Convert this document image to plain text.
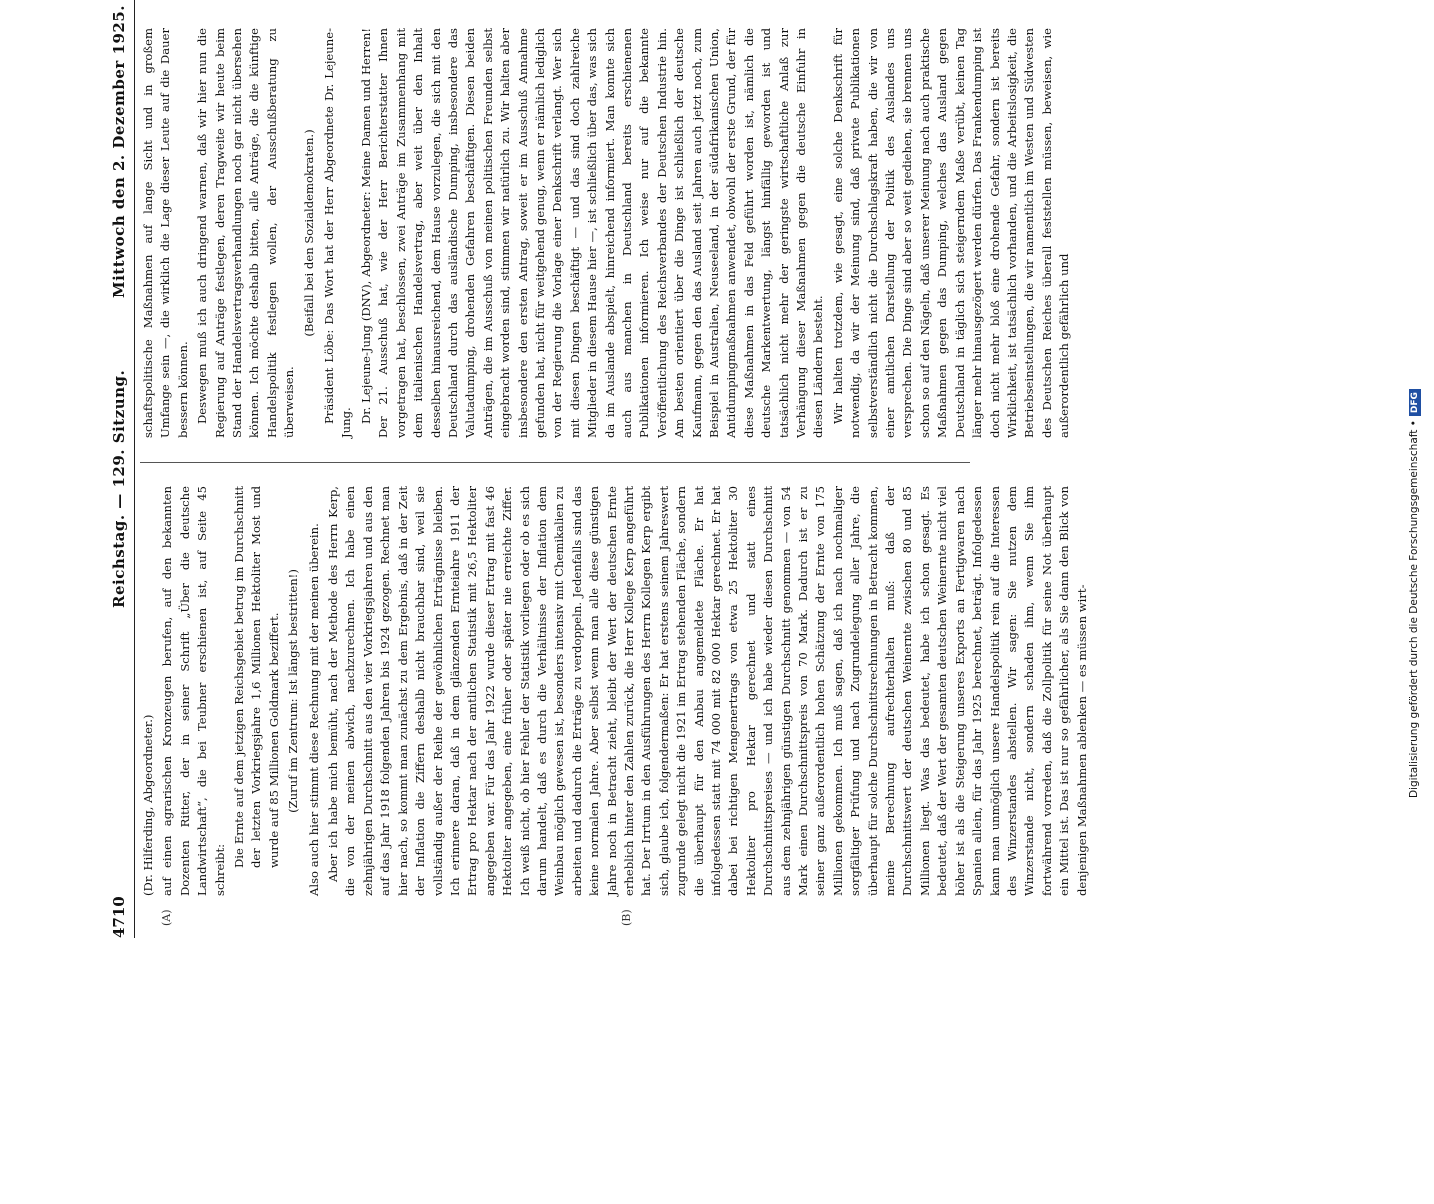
4710
Reichstag. — 129. Sitzung.
Mittwoch den 2. Dezember 1925.
(A)	(B)

(Dr. Hilferding, Abgeordneter.) auf einen agrarischen Kronzeugen berufen, auf den bekannten Dozenten Ritter, der in seiner Schrift „Über die deutsche Landwirtschaft“, die bei Teubner erschienen ist, auf Seite 45 schreibt:

Die Ernte auf dem jetzigen Reichsgebiet betrug im Durchschnitt der letzten Vorkriegsjahre 1,6 Millionen Hektoliter Most und wurde auf 85 Millionen Goldmark beziffert. (Zuruf im Zentrum: Ist längst bestritten!) Also auch hier stimmt diese Rechnung mit der meinen überein. Aber ich habe mich bemüht, nach der Methode des Herrn Kerp, die von der meinen abwich, nachzurechnen. Ich habe einen zehnjährigen Durchschnitt aus den vier Vorkriegsjahren und aus den auf das Jahr 1918 folgenden Jahren bis 1924 gezogen. Rechnet man hier nach, so kommt man zunächst zu dem Ergebnis, daß in der Zeit der Inflation die Ziffern deshalb nicht brauchbar sind, weil sie vollständig außer der Reihe der gewöhnlichen Erträgnisse bleiben. Ich erinnere daran, daß in dem glänzenden Ernteiahre 1911 der Ertrag pro Hektar nach der amtlichen Statistik mit 26,5 Hektoliter angegeben war. Für das Jahr 1922 wurde dieser Ertrag mit fast 46 Hektoliter angegeben, eine früher oder später nie erreichte Ziffer. Ich weiß nicht, ob hier Fehler der Statistik vorliegen oder ob es sich darum handelt, daß es durch die Verhältnisse der Inflation dem Weinbau möglich gewesen ist, besonders intensiv mit Chemikalien zu arbeiten und dadurch die Erträge zu verdoppeln. Jedenfalls sind das keine normalen Jahre. Aber selbst wenn man alle diese günstigen Jahre noch in Betracht zieht, bleibt der Wert der deutschen Ernte erheblich hinter den Zahlen zurück, die Herr Kollege Kerp angeführt hat. Der Irrtum in den Ausführungen des Herrn Kollegen Kerp ergibt sich, glaube ich, folgendermaßen: Er hat erstens seinem Jahreswert zugrunde gelegt nicht die 1921 im Ertrag stehenden Fläche, sondern die überhaupt für den Anbau angemeldete Fläche. Er hat infolgedessen statt mit 74 000 mit 82 000 Hektar gerechnet. Er hat dabei bei richtigen Mengenertrags von etwa 25 Hektoliter 30 Hektoliter pro Hektar gerechnet und statt eines Durchschnittspreises — und ich habe wieder diesen Durchschnitt aus dem zehnjährigen günstigen Durchschnitt genommen — von 54 Mark einen Durchschnittspreis von 70 Mark. Dadurch ist er zu seiner ganz außerordentlich hohen Schätzung der Ernte von 175 Millionen gekommen. Ich muß sagen, daß ich nach nochmaliger sorgfältiger Prüfung und nach Zugrundelegung aller Jahre, die überhaupt für solche Durchschnittsrechnungen in Betracht kommen, meine Berechnung aufrechterhalten muß: daß der Durchschnittswert der deutschen Weinernte zwischen 80 und 85 Millionen liegt. Was das bedeutet, habe ich schon gesagt. Es bedeutet, daß der Wert der gesamten deutschen Weinernte nicht viel höher ist als die Steigerung unseres Exports an Fertigwaren nach Spanien allein, für das Jahr 1925 berechnet, beträgt. Infolgedessen kann man unmöglich unsere Handelspolitik rein auf die Interessen des Winzerstandes abstellen. Wir sagen: Sie nutzen dem Winzerstande nicht, sondern schaden ihm, wenn Sie ihm fortwährend vorreden, daß die Zollpolitik für seine Not überhaupt ein Mittel ist. Das ist nur so gefährlicher, als Sie dann den Blick von denjenigen Maßnahmen ablenken — es müssen wirt-

schaftspolitische Maßnahmen auf lange Sicht und in großem Umfange sein —, die wirklich die Lage dieser Leute auf die Dauer bessern können. Deswegen muß ich auch dringend warnen, daß wir hier nun die Regierung auf Anträge festlegen, deren Tragweite wir heute beim Stand der Handelsvertragsverhandlungen noch gar nicht übersehen können. Ich möchte deshalb bitten, alle Anträge, die die künftige Handelspolitik festlegen wollen, der Ausschußberatung zu überweisen.

(Beifall bei den Sozialdemokraten.) Präsident Löbe: Das Wort hat der Herr Abgeordnete Dr. Lejeune-Jung. Dr. Lejeune-Jung (DNV), Abgeordneter: Meine Damen und Herren! Der 21. Ausschuß hat, wie der Herr Berichterstatter Ihnen vorgetragen hat, beschlossen, zwei Anträge im Zusammenhang mit dem italienischen Handelsvertrag, aber weit über den Inhalt desselben hinausreichend, dem Hause vorzulegen, die sich mit den Deutschland durch das ausländische Dumping, insbesondere das Valutadumping, drohenden Gefahren beschäftigen. Diesen beiden Anträgen, die im Ausschuß von meinen politischen Freunden selbst eingebracht worden sind, stimmen wir natürlich zu. Wir halten aber insbesondere den ersten Antrag, soweit er im Ausschuß Annahme gefunden hat, nicht für weitgehend genug, wenn er nämlich lediglich von der Regierung die Vorlage einer Denkschrift verlangt. Wer sich mit diesen Dingen beschäftigt — und das sind doch zahlreiche Mitglieder in diesem Hause hier —, ist schließlich über das, was sich da im Auslande abspielt, hinreichend informiert. Man konnte sich auch aus manchen in Deutschland bereits erschienenen Publikationen informieren. Ich weise nur auf die bekannte Veröffentlichung des Reichsverbandes der Deutschen Industrie hin. Am besten orientiert über die Dinge ist schließlich der deutsche Kaufmann, gegen den das Ausland seit Jahren auch jetzt noch, zum Beispiel in Australien, Neuseeland, in der südafrikanischen Union, Antidumpingmaßnahmen anwendet, obwohl der erste Grund, der für diese Maßnahmen in das Feld geführt worden ist, nämlich die deutsche Markentwertung, längst hinfällig geworden ist und tatsächlich nicht mehr der geringste wirtschaftliche Anlaß zur Verhängung dieser Maßnahmen gegen die deutsche Einfuhr in diesen Ländern besteht. Wir halten trotzdem, wie gesagt, eine solche Denkschrift für notwendig, da wir der Meinung sind, daß private Publikationen selbstverständlich nicht die Durchschlagskraft haben, die wir von einer amtlichen Darstellung der Politik des Auslandes uns versprechen. Die Dinge sind aber so weit gediehen, sie brennen uns schon so auf den Nägeln, daß unserer Meinung nach auch praktische Maßnahmen gegen das Dumping, welches das Ausland gegen Deutschland in täglich sich steigerndem Maße verübt, keinen Tag länger mehr hinausgezögert werden dürfen. Das Frankendumping ist doch nicht mehr bloß eine drohende Gefahr, sondern ist bereits Wirklichkeit, ist tatsächlich vorhanden, und die Arbeitslosigkeit, die Betriebseinstellungen, die wir namentlich im Westen und Südwesten des Deutschen Reiches überall feststellen müssen, beweisen, wie außerordentlich gefährlich und

Digitalisierung gefördert durch die Deutsche Forschungsgemeinschaft •DFG
